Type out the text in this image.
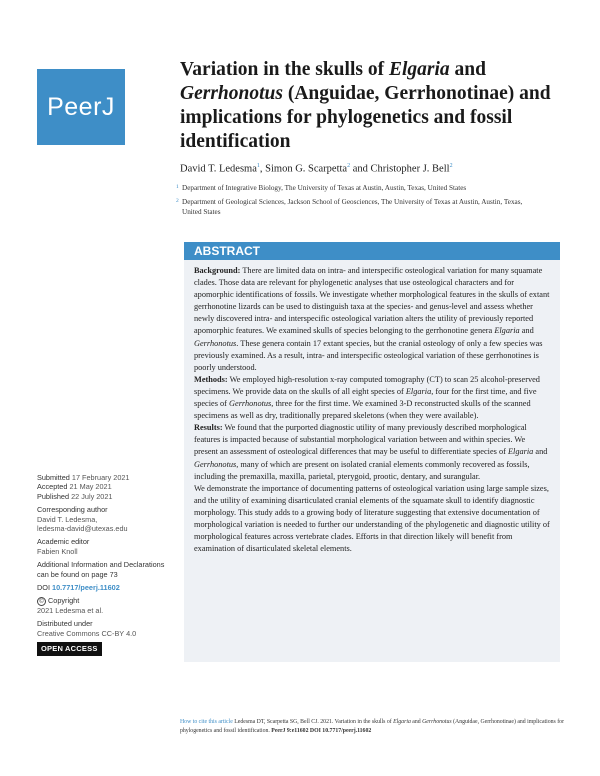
PeerJ
Variation in the skulls of Elgaria and
Gerrhonotus (Anguidae, Gerrhonotinae) and implications for phylogenetics and fossil identification
David T. Ledesma$^1$, Simon G. Scarpetta$^2$ and Christopher J. Bell$^2$
1 Department of Integrative Biology, The University of Texas at Austin, Austin, Texas, United States
2 Department of Geological Sciences, Jackson School of Geosciences, The University of Texas at Austin, Austin, Texas, United States
ABSTRACT

Background: There are limited data on intra- and interspecific osteological variation for many squamate clades. Those data are relevant for phylogenetic analyses that use osteological characters and for apomorphic identifications of fossils. We investigate whether morphological features in the skulls of extant gerrhonotine lizards can be used to distinguish taxa at the species- and genus-level and assess whether newly discovered intra- and interspecific osteological variation alters the utility of previously reported apomorphic features. We examined skulls of species belonging to the gerrhonotine genera Elgaria and Gerrhonotus. These genera contain 17 extant species, but the cranial osteology of only a few species was previously examined. As a result, intra- and interspecific osteological variation of these gerrhonotines is poorly understood.

Methods: We employed high-resolution x-ray computed tomography (CT) to scan 25 alcohol-preserved specimens. We provide data on the skulls of all eight species of Elgaria, four for the first time, and five species of Gerrhonotus, three for the first time. We examined 3-D reconstructed skulls of the scanned specimens as well as dry, traditionally prepared skeletons (when they were available).

Results: We found that the purported diagnostic utility of many previously described morphological features is impacted because of substantial morphological variation between and within species. We present an assessment of osteological differences that may be useful to differentiate species of Elgaria and Gerrhonotus, many of which are present on isolated cranial elements commonly recovered as fossils, including the premaxilla, maxilla, parietal, pterygoid, prootic, dentary, and surangular.

We demonstrate the importance of documenting patterns of osteological variation using large sample sizes, and the utility of examining disarticulated cranial elements of the squamate skull to identify diagnostic morphology. This study adds to a growing body of literature suggesting that extensive documentation of morphological variation is needed to further our understanding of the phylogenetic and diagnostic utility of morphological features across vertebrate clades. Efforts in that direction likely will benefit from examination of disarticulated skeletal elements.

Submitted 17 February 2021
Accepted 21 May 2021
Published 22 July 2021
Corresponding author
David T. Ledesma,
ledesma-david@utexas.edu
Academic editor
Fabien Knoll
Additional Information and Declarations can be found on page 73
DOI 10.7717/peerj.11602
© Copyright
2021 Ledesma et al.
Distributed under
Creative Commons CC-BY 4.0
OPEN ACCESS
How to cite this article Ledesma DT, Scarpetta SG, Bell CJ. 2021. Variation in the skulls of Elgaria and Gerrhonotus (Anguidae, Gerrhonotinae) and implications for phylogenetics and fossil identification. PeerJ 9:e11602 DOI 10.7717/peerj.11602
